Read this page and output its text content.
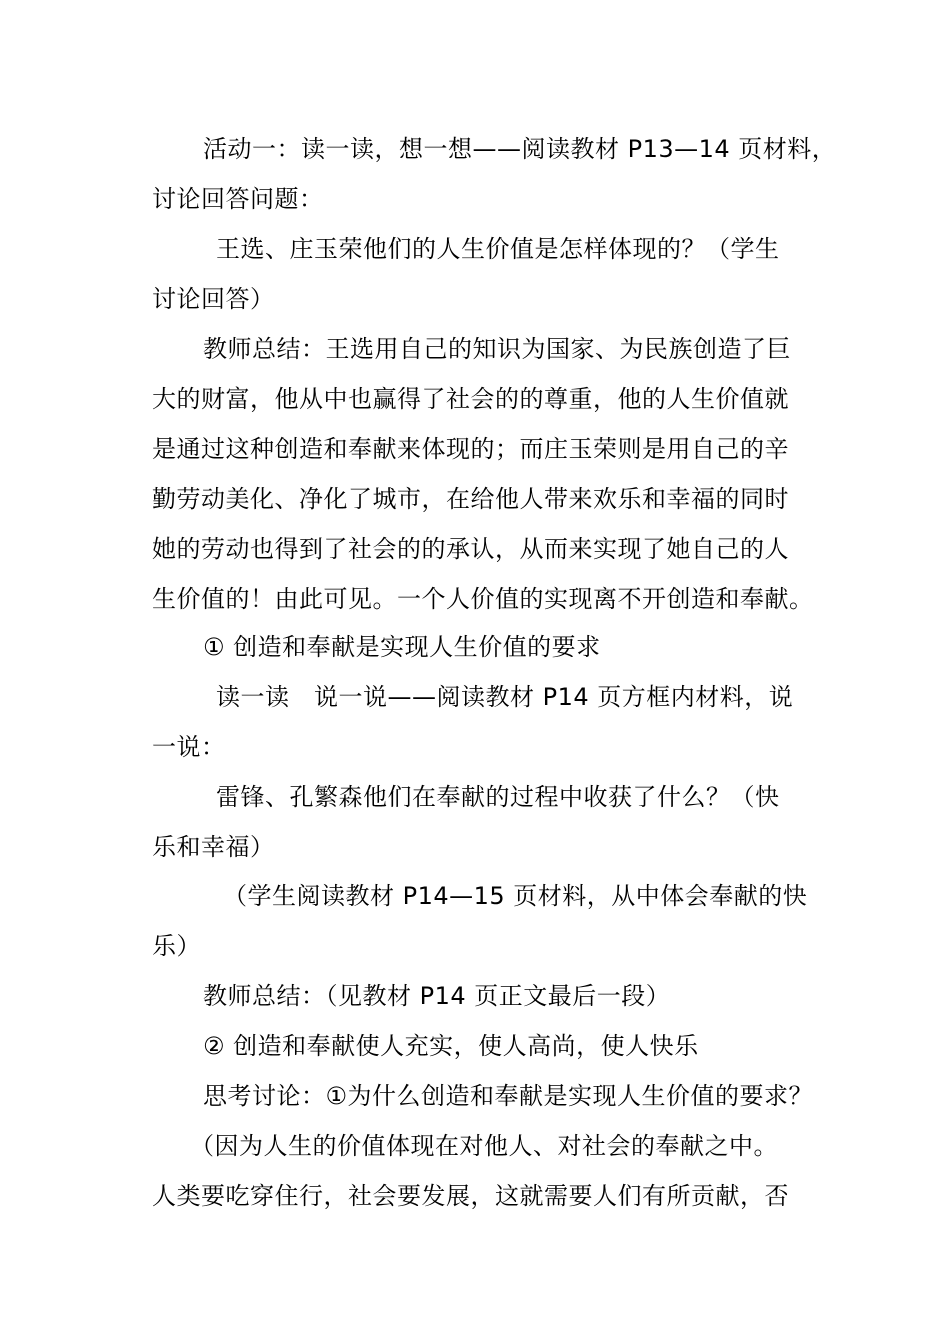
活动一：读一读，想一想——阅读教材 P13—14 页材料，
讨论回答问题：
王选、庄玉荣他们的人生价值是怎样体现的？（学生
讨论回答）
教师总结：王选用自己的知识为国家、为民族创造了巨
大的财富，他从中也赢得了社会的的尊重，他的人生价值就
是通过这种创造和奉献来体现的；而庄玉荣则是用自己的辛
勤劳动美化、净化了城市，在给他人带来欢乐和幸福的同时
她的劳动也得到了社会的的承认，从而来实现了她自己的人
生价值的！由此可见。一个人价值的实现离不开创造和奉献。
① 创造和奉献是实现人生价值的要求
读一读　说一说——阅读教材 P14 页方框内材料，说
一说：
雷锋、孔繁森他们在奉献的过程中收获了什么？（快
乐和幸福）
（学生阅读教材 P14—15 页材料，从中体会奉献的快
乐）
教师总结：（见教材 P14 页正文最后一段）
② 创造和奉献使人充实，使人高尚，使人快乐
思考讨论：①为什么创造和奉献是实现人生价值的要求？
（因为人生的价值体现在对他人、对社会的奉献之中。
人类要吃穿住行，社会要发展，这就需要人们有所贡献，否
